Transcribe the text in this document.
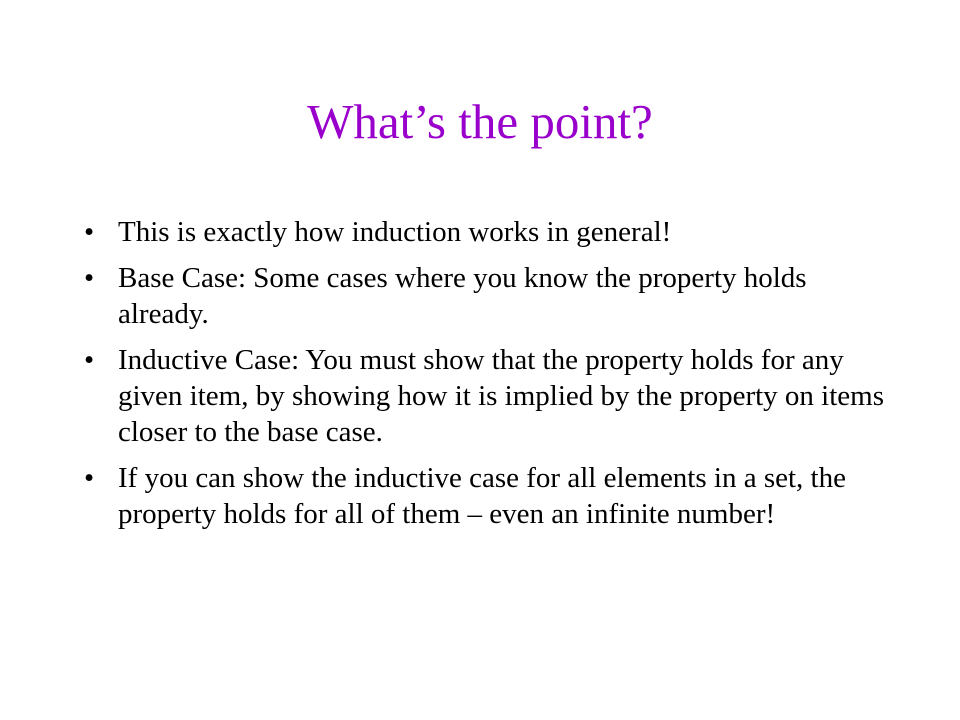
What’s the point?
• This is exactly how induction works in general!
• Base Case: Some cases where you know the property holds already.
• Inductive Case: You must show that the property holds for any given item, by showing how it is implied by the property on items closer to the base case.
• If you can show the inductive case for all elements in a set, the property holds for all of them – even an infinite number!
